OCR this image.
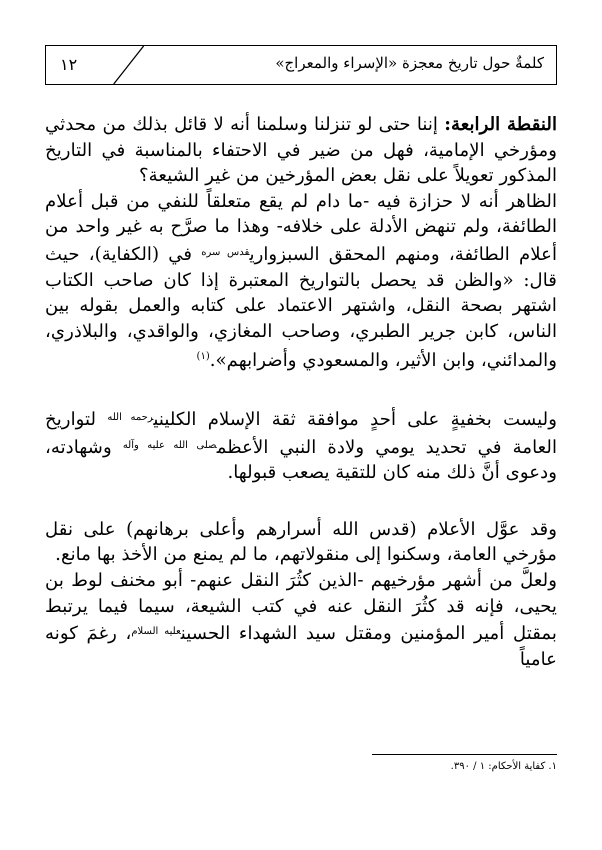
كلمةٌ حول تاريخ معجزة «الإسراء والمعراج»
١٢

النقطة الرابعة: إننا حتى لو تنزلنا وسلمنا أنه لا قائل بذلك من محدثي ومؤرخي الإمامية، فهل من ضير في الاحتفاء بالمناسبة في التاريخ المذكور تعويلاً على نقل بعض المؤرخين من غير الشيعة؟

الظاهر أنه لا حزازة فيه -ما دام لم يقع متعلقاً للنفي من قبل أعلام الطائفة، ولم تنهض الأدلة على خلافه- وهذا ما صرَّح به غير واحد من أعلام الطائفة، ومنهم المحقق السبزواري$^{قدس سره}$ في (الكفاية)، حيث قال: «والظن قد يحصل بالتواريخ المعتبرة إذا كان صاحب الكتاب اشتهر بصحة النقل، واشتهر الاعتماد على كتابه والعمل بقوله بين الناس، كابن جرير الطبري، وصاحب المغازي، والواقدي، والبلاذري، والمدائني، وابن الأثير، والمسعودي وأضرابهم».$^{(١)}$

وليست بخفيةٍ على أحدٍ موافقة ثقة الإسلام الكليني$^{رحمه الله}$ لتواريخ العامة في تحديد يومي ولادة النبي الأعظم$^{صلى الله عليه وآله}$ وشهادته، ودعوى أنَّ ذلك منه كان للتقية يصعب قبولها.

وقد عوَّل الأعلام (قدس الله أسرارهم وأعلى برهانهم) على نقل مؤرخي العامة، وسكنوا إلى منقولاتهم، ما لم يمنع من الأخذ بها مانع.

ولعلَّ من أشهر مؤرخيهم -الذين كثُرَ النقل عنهم- أبو مخنف لوط بن يحيى، فإنه قد كثُرَ النقل عنه في كتب الشيعة، سيما فيما يرتبط بمقتل أمير المؤمنين ومقتل سيد الشهداء الحسين$^{عليه السلام}$، رغمَ كونه عامياً

١. كفاية الأحكام: ١ / ٣٩٠.
